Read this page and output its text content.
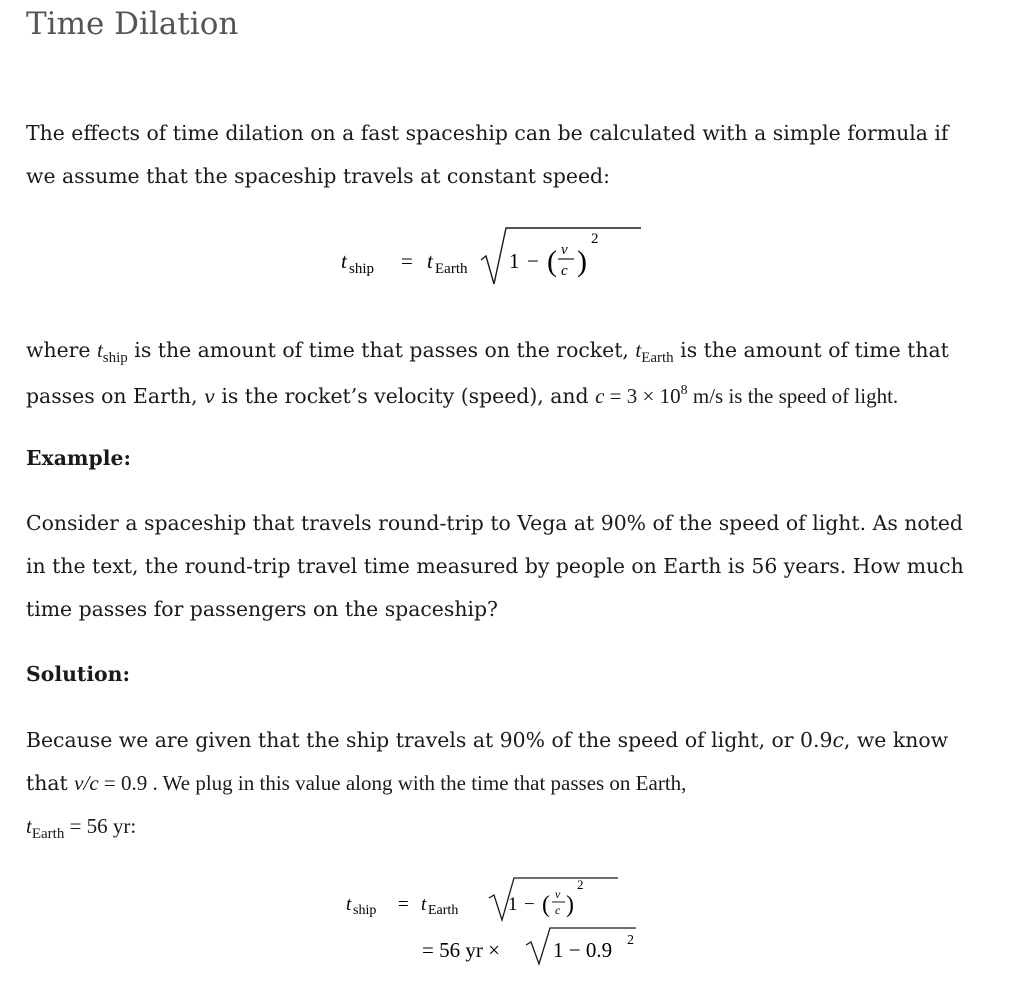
Time Dilation

The effects of time dilation on a fast spaceship can be calculated with a simple formula if
we assume that the spaceship travels at constant speed:

t ship = t Earth 1 − ( v
c )
2

where $t_{ship}$ is the amount of time that passes on the rocket, $t_{Earth}$ is the amount of time that
passes on Earth, v is the rocket’s velocity (speed), and $c = 3 \times 10^8$ m/s is the speed of light.

Example:

Consider a spaceship that travels round-trip to Vega at 90% of the speed of light. As noted
in the text, the round-trip travel time measured by people on Earth is 56 years. How much
time passes for passengers on the spaceship?

Solution:

Because we are given that the ship travels at 90% of the speed of light, or 0.9c, we know
that v/c = 0.9 . We plug in this value along with the time that passes on Earth,
$t_{Earth} = 56$ yr:

t ship = t Earth	1 − ( v
c )
2
= 56 yr ×	1 − 0.9 2
